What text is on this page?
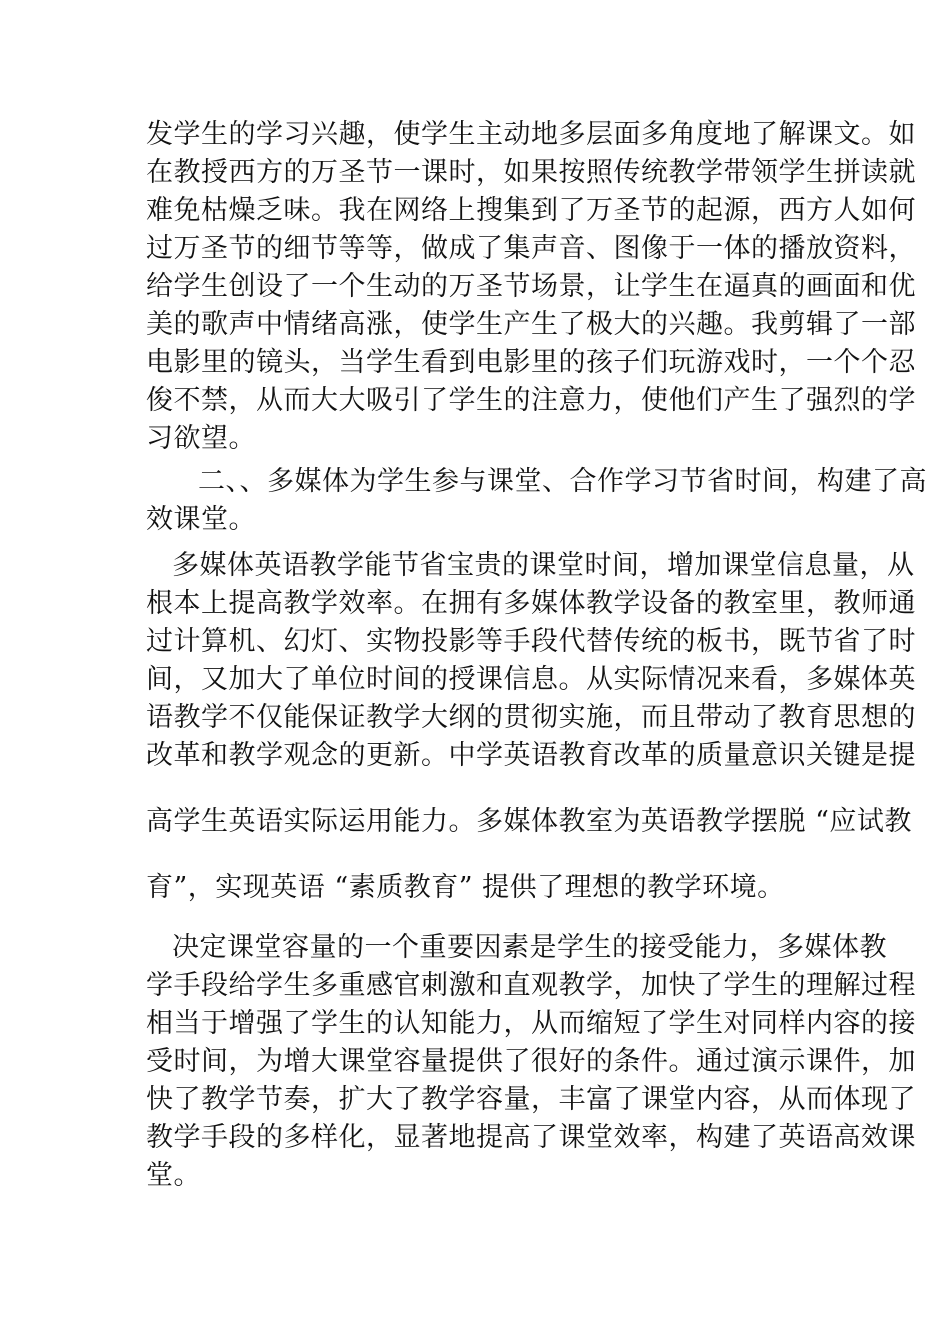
发学生的学习兴趣，使学生主动地多层面多角度地了解课文。如

在教授西方的万圣节一课时，如果按照传统教学带领学生拼读就

难免枯燥乏味。我在网络上搜集到了万圣节的起源，西方人如何

过万圣节的细节等等，做成了集声音、图像于一体的播放资料，

给学生创设了一个生动的万圣节场景，让学生在逼真的画面和优

美的歌声中情绪高涨，使学生产生了极大的兴趣。我剪辑了一部

电影里的镜头，当学生看到电影里的孩子们玩游戏时，一个个忍

俊不禁，从而大大吸引了学生的注意力，使他们产生了强烈的学

习欲望。

二、、多媒体为学生参与课堂、合作学习节省时间，构建了高

效课堂。

多媒体英语教学能节省宝贵的课堂时间，增加课堂信息量，从

根本上提高教学效率。在拥有多媒体教学设备的教室里，教师通

过计算机、幻灯、实物投影等手段代替传统的板书，既节省了时

间，又加大了单位时间的授课信息。从实际情况来看，多媒体英

语教学不仅能保证教学大纲的贯彻实施，而且带动了教育思想的

改革和教学观念的更新。中学英语教育改革的质量意识关键是提

高学生英语实际运用能力。多媒体教室为英语教学摆脱 “应试教

育”，实现英语 “素质教育” 提供了理想的教学环境。

决定课堂容量的一个重要因素是学生的接受能力，多媒体教

学手段给学生多重感官刺激和直观教学，加快了学生的理解过程

相当于增强了学生的认知能力，从而缩短了学生对同样内容的接

受时间，为增大课堂容量提供了很好的条件。通过演示课件，加

快了教学节奏，扩大了教学容量，丰富了课堂内容，从而体现了

教学手段的多样化，显著地提高了课堂效率，构建了英语高效课

堂。
